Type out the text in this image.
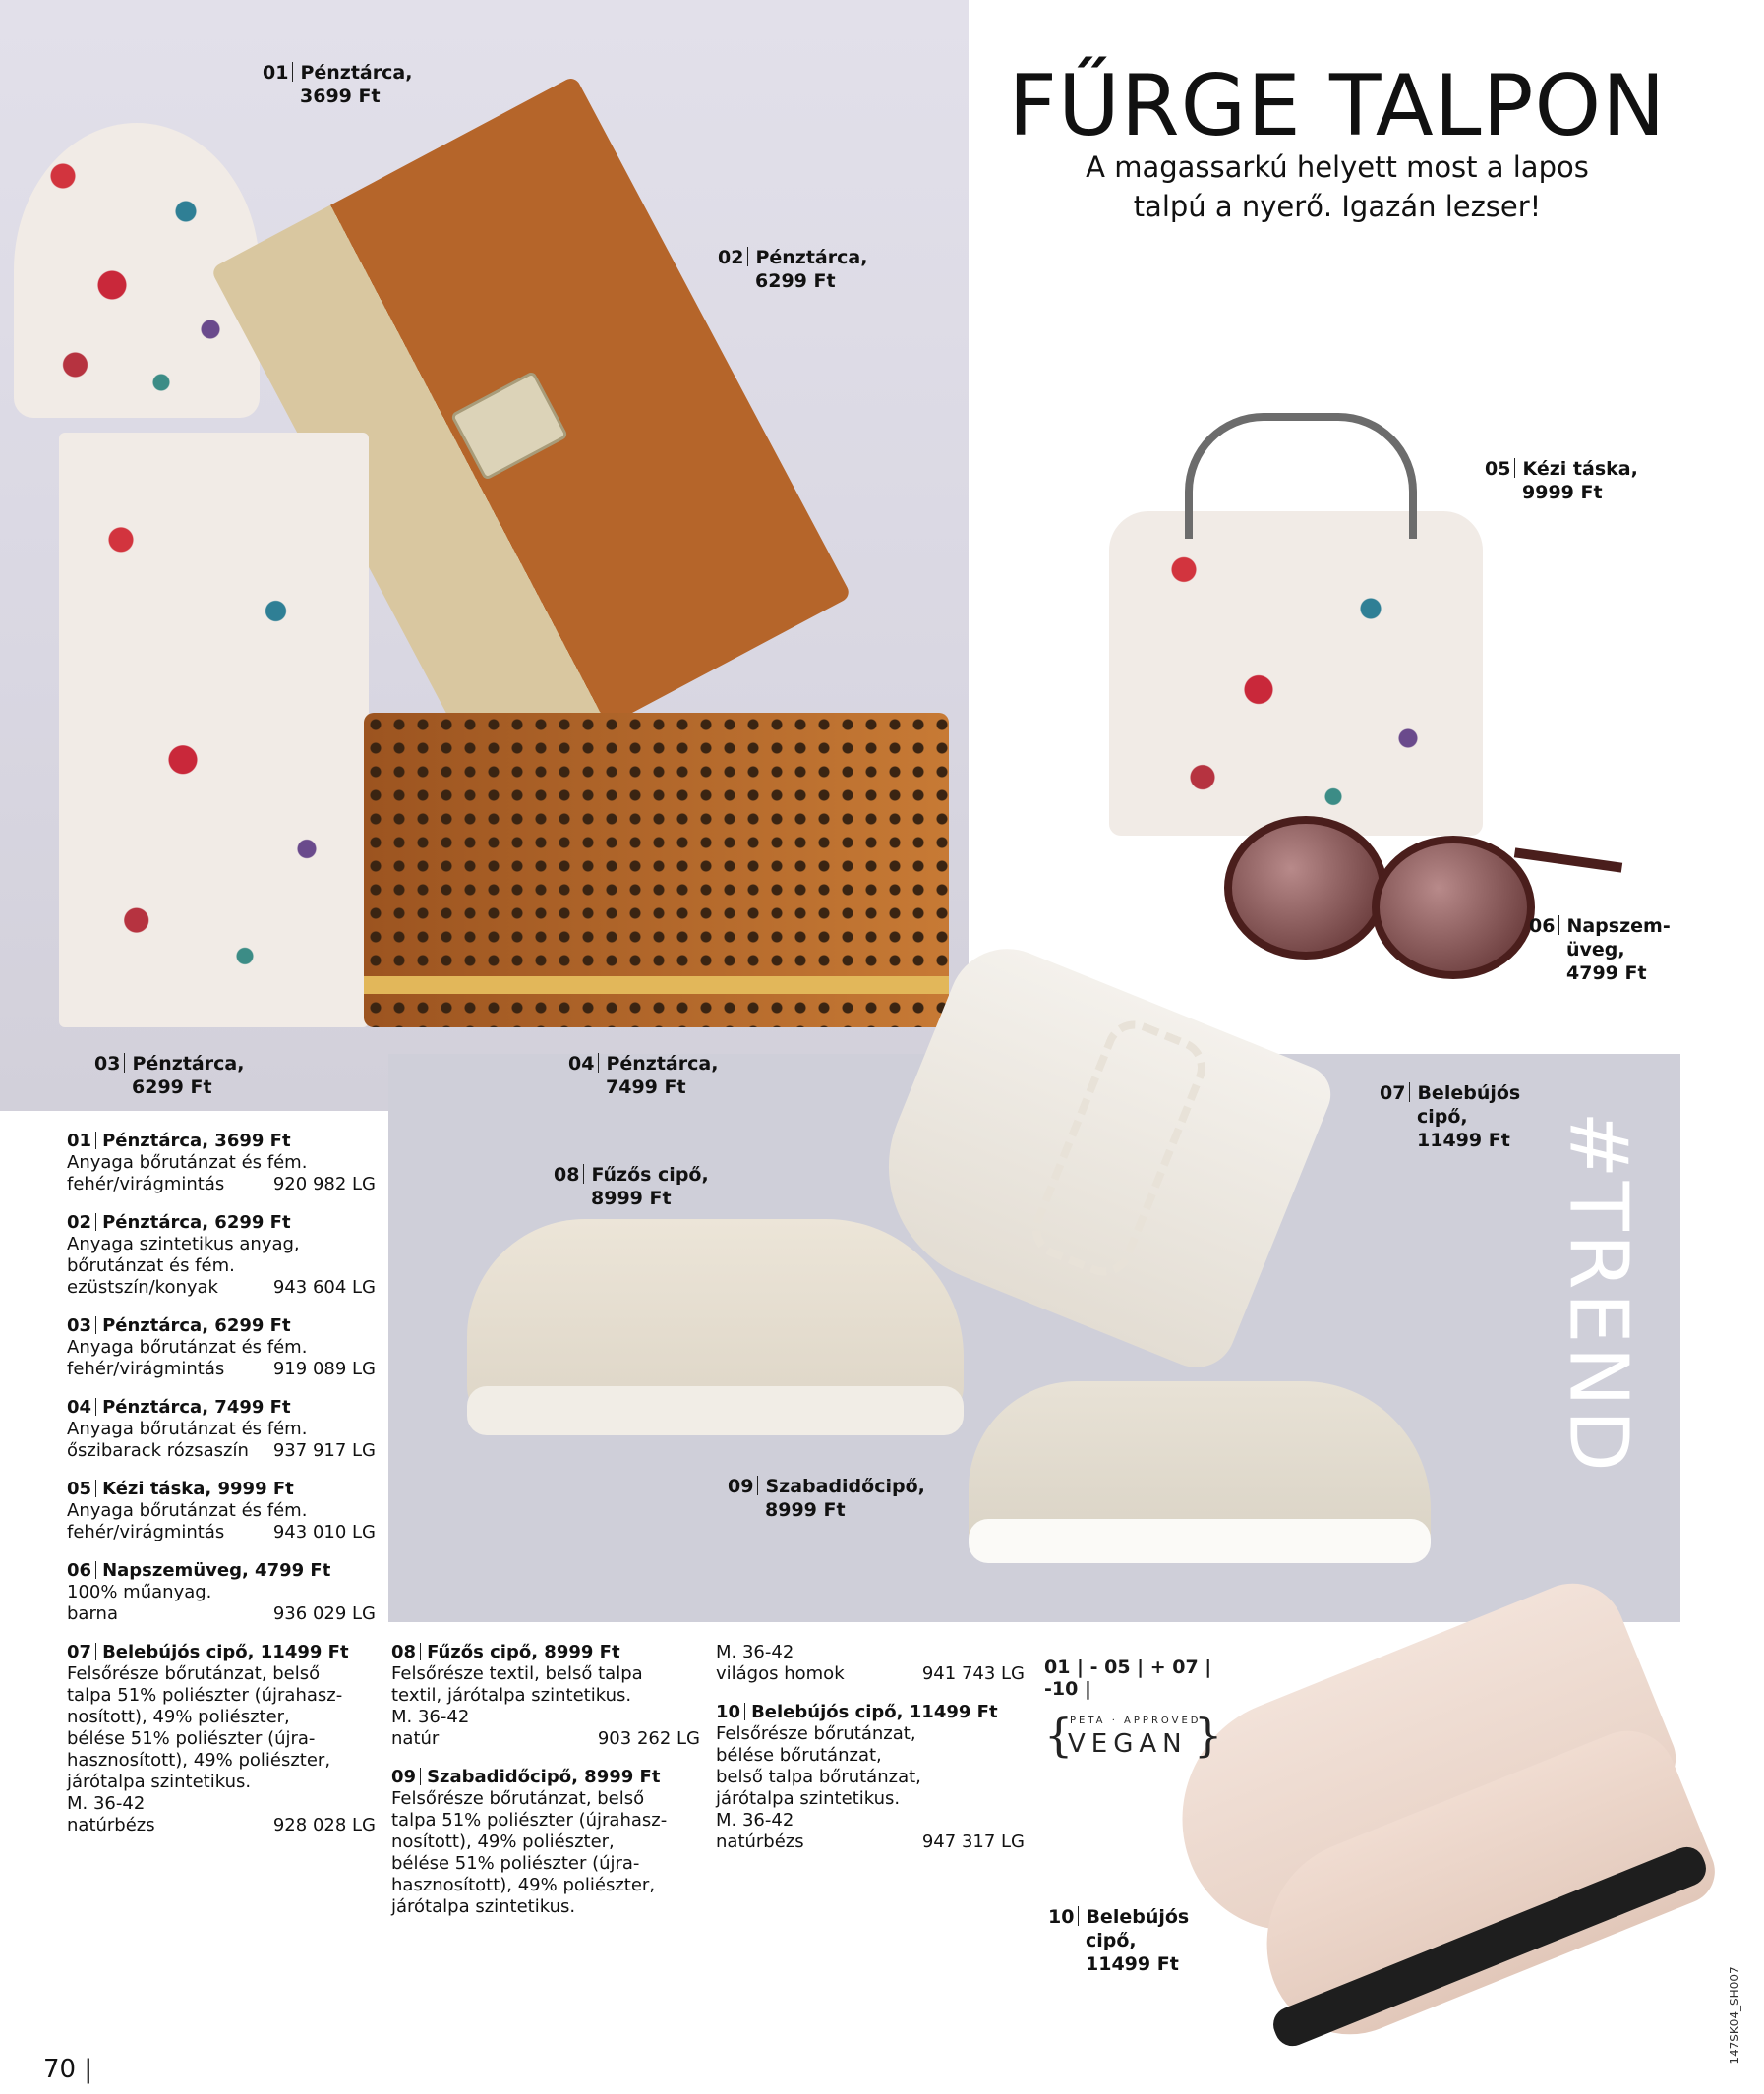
FŰRGE TALPON
A magassarkú helyett most a lapos
talpú a nyerő. Igazán lezser!
#TREND
01 Pénztárca,
3699 Ft
02 Pénztárca,
6299 Ft
03 Pénztárca,
6299 Ft
04 Pénztárca,
7499 Ft
05 Kézi táska,
9999 Ft
06 Napszem-
üveg,
4799 Ft
07 Belebújós
cipő,
11499 Ft
08 Fűzős cipő,
8999 Ft
09 Szabadidőcipő,
8999 Ft
10 Belebújós
cipő,
11499 Ft
01 Pénztárca, 3699 Ft
Anyaga bőrutánzat és fém.
fehér/virágmintás	920 982 LG
02 Pénztárca, 6299 Ft
Anyaga szintetikus anyag,
bőrutánzat és fém.
ezüstszín/konyak	943 604 LG
03 Pénztárca, 6299 Ft
Anyaga bőrutánzat és fém.
fehér/virágmintás	919 089 LG
04 Pénztárca, 7499 Ft
Anyaga bőrutánzat és fém.
őszibarack rózsaszín 937 917 LG
05 Kézi táska, 9999 Ft
Anyaga bőrutánzat és fém.
fehér/virágmintás	943 010 LG
06 Napszemüveg, 4799 Ft
100% műanyag.
barna	936 029 LG
07 Belebújós cipő, 11499 Ft
Felsőrésze bőrutánzat, belső
talpa 51% poliészter (újrahasz-
nosított), 49% poliészter,
bélése 51% poliészter (újra-
hasznosított), 49% poliészter,
járótalpa szintetikus.
M. 36-42
natúrbézs	928 028 LG
08 Fűzős cipő, 8999 Ft
Felsőrésze textil, belső talpa
textil, járótalpa szintetikus.
M. 36-42
natúr	903 262 LG
09 Szabadidőcipő, 8999 Ft
Felsőrésze bőrutánzat, belső
talpa 51% poliészter (újrahasz-
nosított), 49% poliészter,
bélése 51% poliészter (újra-
hasznosított), 49% poliészter,
járótalpa szintetikus.
M. 36-42
világos homok	941 743 LG
10 Belebújós cipő, 11499 Ft
Felsőrésze bőrutánzat,
bélése bőrutánzat,
belső talpa bőrutánzat,
járótalpa szintetikus.
M. 36-42
natúrbézs	947 317 LG
01 | - 05 | + 07 | -10 |
{
PETA · APPROVED
VEGAN }
70 |
147SK04_SH007
